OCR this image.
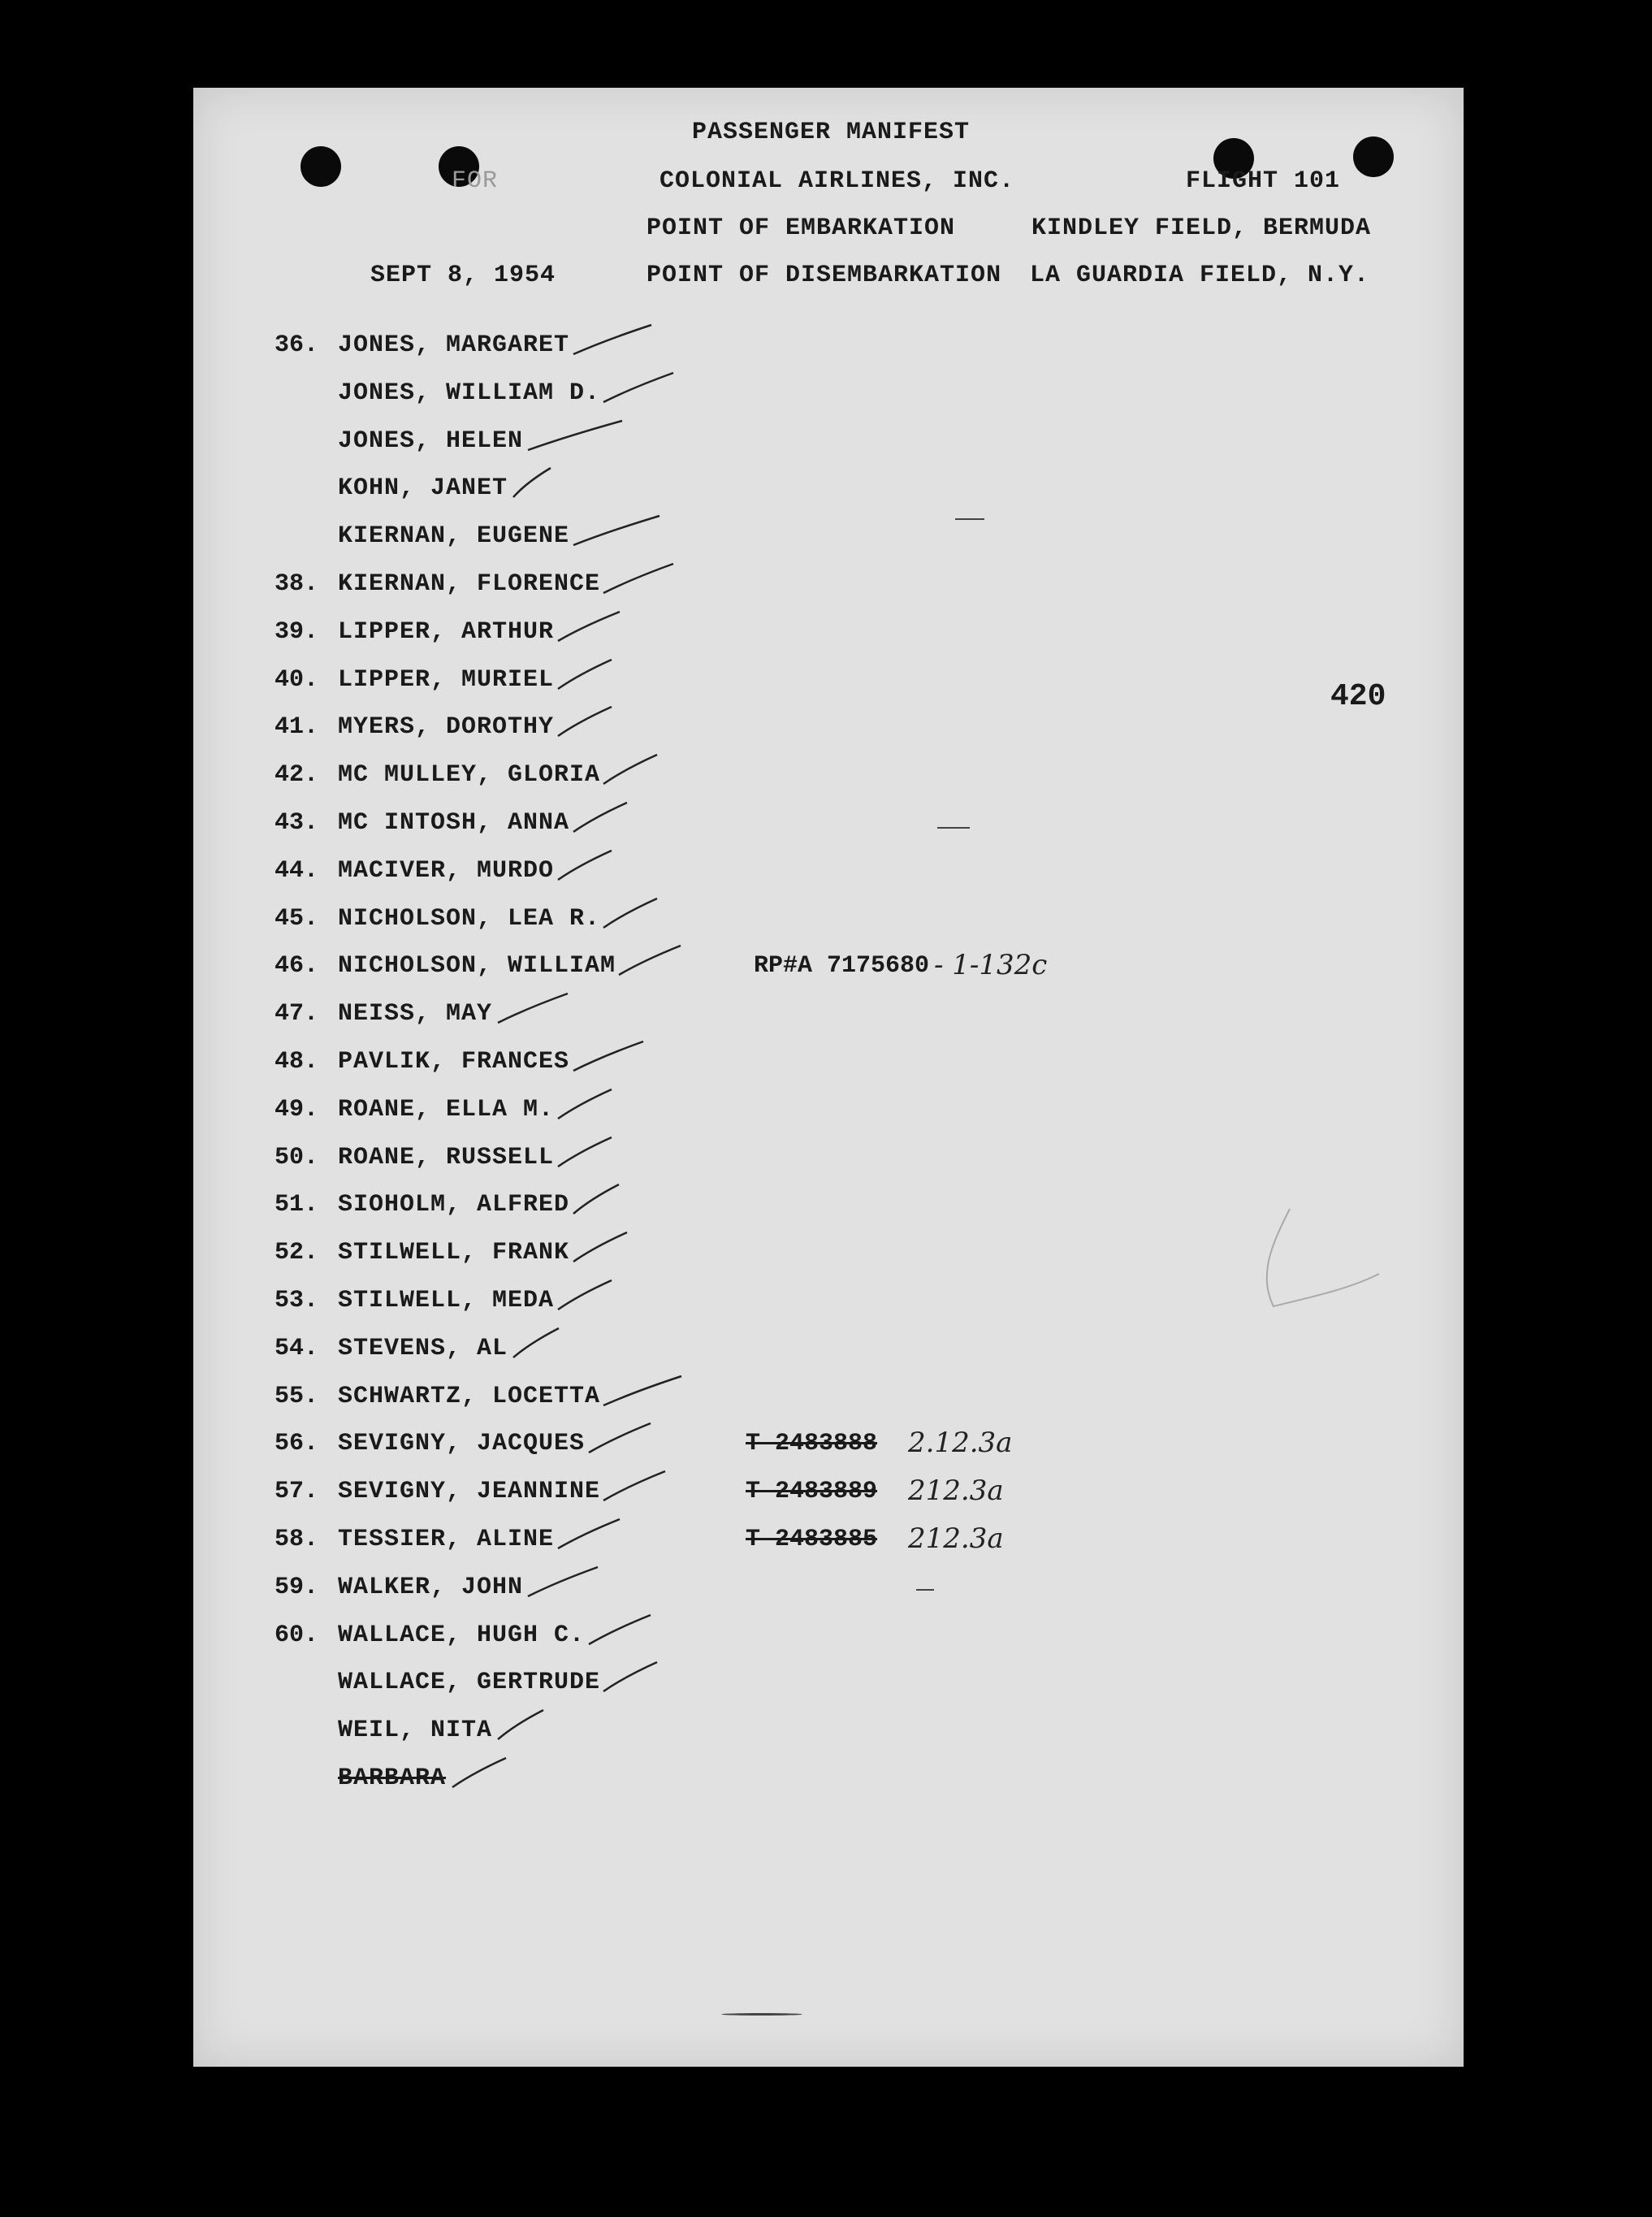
PASSENGER MANIFEST
FOR	COLONIAL AIRLINES, INC.	FLIGHT 101
POINT OF EMBARKATION	KINDLEY FIELD, BERMUDA
SEPT 8, 1954	POINT OF DISEMBARKATION LA GUARDIA FIELD, N.Y.
420
36. JONES, MARGARET
JONES, WILLIAM D.
JONES, HELEN
KOHN, JANET
KIERNAN, EUGENE
38. KIERNAN, FLORENCE
39. LIPPER, ARTHUR
40. LIPPER, MURIEL
41. MYERS, DOROTHY
42. MC MULLEY, GLORIA
43. MC INTOSH, ANNA
44. MACIVER, MURDO
45. NICHOLSON, LEA R.
46. NICHOLSON, WILLIAM	RP#A 7175680 - 1-132c
47. NEISS, MAY
48. PAVLIK, FRANCES
49. ROANE, ELLA M.
50. ROANE, RUSSELL
51. SIOHOLM, ALFRED
52. STILWELL, FRANK
53. STILWELL, MEDA
54. STEVENS, AL
55. SCHWARTZ, LOCETTA
56. SEVIGNY, JACQUES	T 2483888 2.12.3a
57. SEVIGNY, JEANNINE	T 2483889 212.3a
58. TESSIER, ALINE	T 2483885 212.3a
59. WALKER, JOHN
60. WALLACE, HUGH C.
WALLACE, GERTRUDE
WEIL, NITA
BARBARA
